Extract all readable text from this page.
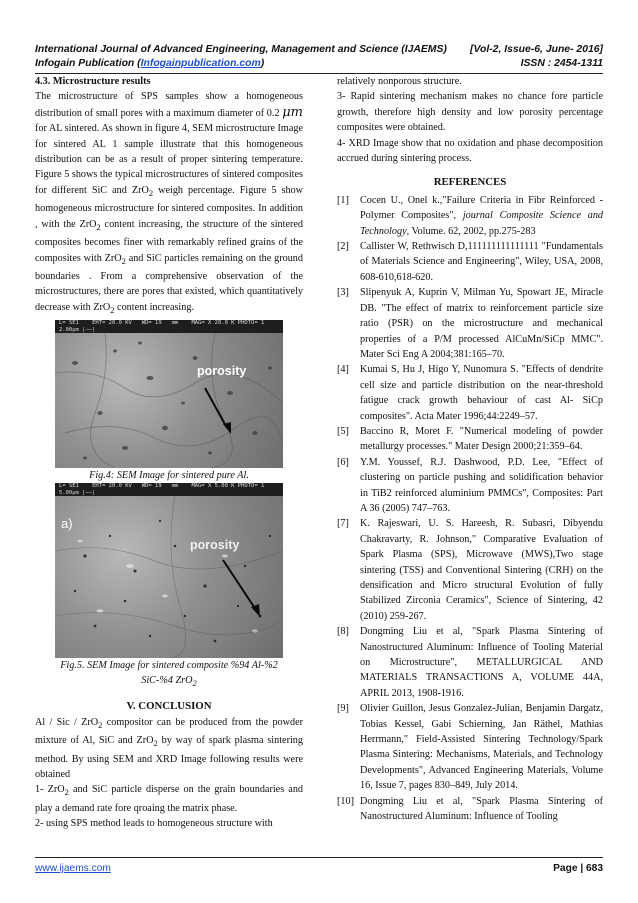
International Journal of Advanced Engineering, Management and Science (IJAEMS) [Vol-2, Issue-6, June- 2016]
Infogain Publication (Infogainpublication.com)	ISSN : 2454-1311
4.3. Microstructure results

The microstructure of SPS samples show a homogeneous distribution of small pores with a maximum diameter of 0.2 μm for AL sintered. As shown in figure 4, SEM microstructure Image for sintered AL 1 sample illustrate that this homogeneous distribution can be as a result of proper sintering temperature. Figure 5 shows the typical microstructures of sintered composites for different SiC and ZrO$_2$ weigh percentage. Figure 5 show homogeneous microstructure for sintered composites. In addition , with the ZrO$_2$ content increasing, the structure of the sintered composites becomes finer with remarkably refined grains of the composites with ZrO$_2$ and SiC particles remaining on the ground boundaries . From a comprehensive observation of the microstructures, there are pores that existed, which quantitatively decrease with ZrO$_2$ content increasing.

L= SE1    EHT= 20.0 KV   WD= 19   mm    MAG= X 20.0 K PHOTO= 1
2.00μm |——|
porosity
Fig.4: SEM Image for sintered pure Al.
L= SE1    EHT= 20.0 KV   WD= 19   mm    MAG= X 5.00 K PHOTO= 1
5.00μm |——|
a)
porosity
Fig.5. SEM Image for sintered composite %94 Al-%2
SiC-%4 ZrO$_2$
V. CONCLUSION

Al / Sic / ZrO$_2$ compositor can be produced from the powder mixture of Al, SiC and ZrO$_2$ by way of spark plasma sintering method. By using SEM and XRD Image following results were obtained

1- ZrO$_2$ and SiC particle disperse on the grain boundaries and play a demand rate fore qroaing the matrix phase.

2- using SPS method leads to homogeneous structure with

relatively nonporous structure.

3- Rapid sintering mechanism makes no chance fore particle growth, therefore high density and low porosity percentage composites were obtained.

4- XRD Image show that no oxidation and phase decomposition accrued during sintering process.

REFERENCES
[1]	Cocen U., Onel k.,"Failure Criteria in Fibr Reinforced - Polymer Composites", journal Composite Science and Technology, Volume. 62, 2002, pp.275-283
[2]	Callister W, Rethwisch D,111111111111111 "Fundamentals of Materials Science and Engineering", Wiley, USA, 2008, 608-610,618-620.
[3]	Slipenyuk A, Kuprin V, Milman Yu, Spowart JE, Miracle DB. "The effect of matrix to reinforcement particle size ratio (PSR) on the microstructure and mechanical properties of a P/M processed AlCuMn/SiCp MMC". Mater Sci Eng A 2004;381:165–70.
[4]	Kumai S, Hu J, Higo Y, Nunomura S. "Effects of dendrite cell size and particle distribution on the near-threshold fatigue crack growth behaviour of cast Al- SiCp composites". Acta Mater 1996;44:2249–57.
[5]	Baccino R, Moret F. "Numerical modeling of powder metallurgy processes." Mater Design 2000;21:359–64.
[6]	Y.M. Youssef, R.J. Dashwood, P.D. Lee, "Effect of clustering on particle pushing and solidification behavior in TiB2 reinforced aluminium PMMCs", Composites: Part A 36 (2005) 747–763.
[7]	K. Rajeswari, U. S. Hareesh, R. Subasri, Dibyendu Chakravarty, R. Johnson," Comparative Evaluation of Spark Plasma (SPS), Microwave (MWS),Two stage sintering (TSS) and Conventional Sintering (CRH) on the densification and Micro structural Evolution of fully Stabilized Zirconia Ceramics", Science of Sintering, 42 (2010) 259-267.
[8]	Dongming Liu et al, "Spark Plasma Sintering of Nanostructured Aluminum: Influence of Tooling Material on Microstructure", METALLURGICAL AND MATERIALS TRANSACTIONS A, VOLUME 44A, APRIL 2013, 1908-1916.
[9]	Olivier Guillon, Jesus Gonzalez-Julian, Benjamin Dargatz, Tobias Kessel, Gabi Schierning, Jan Räthel, Mathias Herrmann," Field-Assisted Sintering Technology/Spark Plasma Sintering: Mechanisms, Materials, and Technology Developments", Advanced Engineering Materials, Volume 16, Issue 7, pages 830–849, July 2014.
[10] Dongming Liu et al, "Spark Plasma Sintering of Nanostructured Aluminum: Influence of Tooling
www.ijaems.com	Page | 683
